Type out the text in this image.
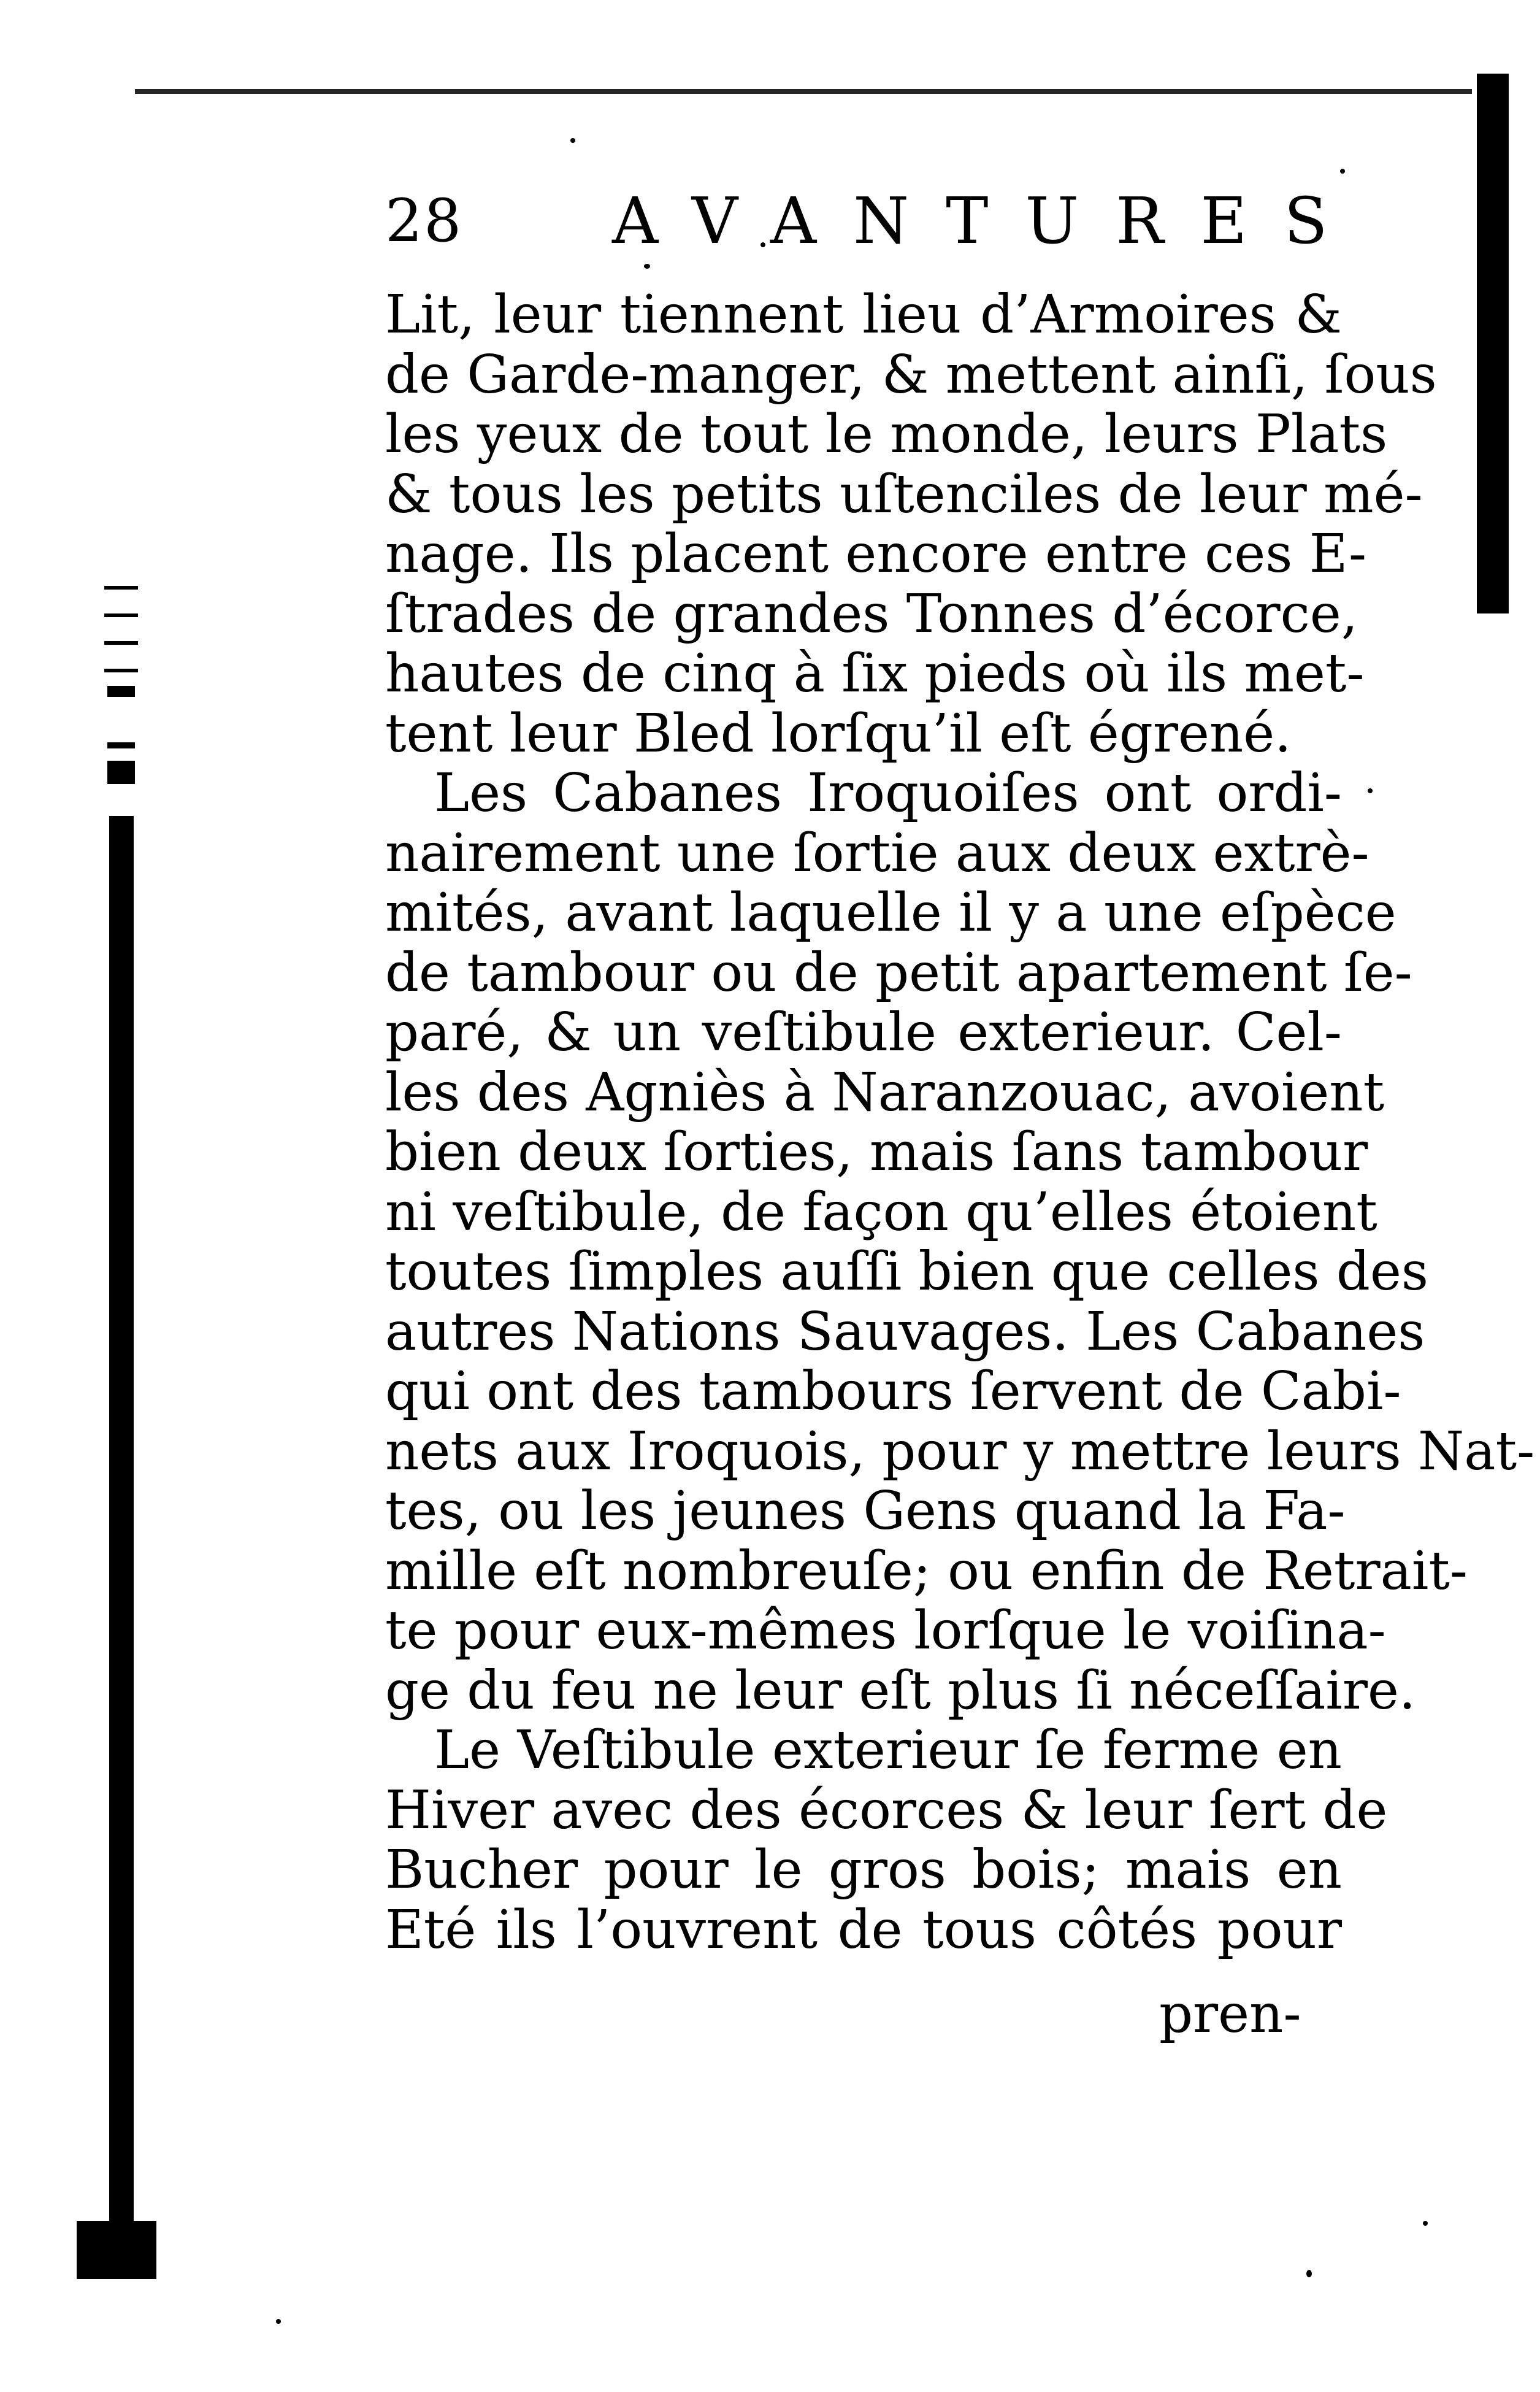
28 AVANTURES
Lit, leur tiennent lieu d’Armoires &
de Garde-manger, & mettent ainſi, ſous
les yeux de tout le monde, leurs Plats
& tous les petits uſtenciles de leur mé-
nage. Ils placent encore entre ces E-
ſtrades de grandes Tonnes d’écorce,
hautes de cinq à ſix pieds où ils met-
tent leur Bled lorſqu’il eſt égrené.
Les Cabanes Iroquoiſes ont ordi-
nairement une ſortie aux deux extrè-
mités, avant laquelle il y a une eſpèce
de tambour ou de petit apartement ſe-
paré, & un veſtibule exterieur. Cel-
les des Agniès à Naranzouac, avoient
bien deux ſorties, mais ſans tambour
ni veſtibule, de façon qu’elles étoient
toutes ſimples auſſi bien que celles des
autres Nations Sauvages. Les Cabanes
qui ont des tambours ſervent de Cabi-
nets aux Iroquois, pour y mettre leurs Nat-
tes, ou les jeunes Gens quand la Fa-
mille eſt nombreuſe; ou enfin de Retrait-
te pour eux-mêmes lorſque le voiſina-
ge du feu ne leur eſt plus ſi néceſſaire.
Le Veſtibule exterieur ſe ferme en
Hiver avec des écorces & leur ſert de
Bucher pour le gros bois; mais en
Eté ils l’ouvrent de tous côtés pour
pren-
